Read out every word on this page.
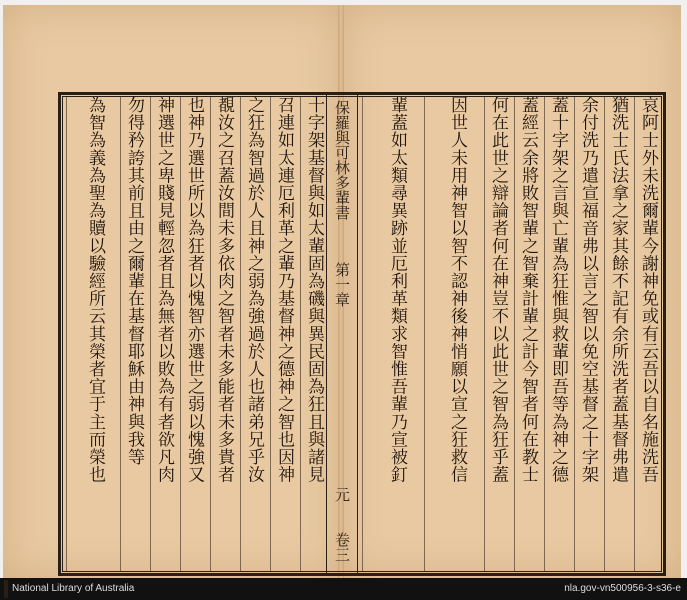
十字架基督與如太輩固為磯與異民固為狂且與諸見
召連如太連厄利革之輩乃基督神之德神之智也因神
之狂為智過於人且神之弱為強過於人也諸弟兄乎汝
覩汝之召蓋汝間未多依肉之智者未多能者未多貴者
也神乃選世所以為狂者以愧智亦選世之弱以愧強又
神選世之卑賤見輕忽者且為無者以敗為有者欲凡肉
勿得矜誇其前且由之爾輩在基督耶穌由神與我等
為智為義為聖為贖以驗經所云其榮者宜于主而榮也	保羅與可林多輩書
第一章
元
卷三
哀阿士外未洗爾輩今謝神免或有云吾以自名施洗吾
猶洗士氏法拿之家其餘不記有余所洗者蓋基督弗遣
余付洗乃遣宣福音弗以言之智以免空基督之十字架
蓋十字架之言與亡輩為狂惟與救輩即吾等為神之德
蓋經云余將敗智輩之智棄計輩之計今智者何在教士
何在此世之辯論者何在神豈不以此世之智為狂乎蓋
因世人未用神智以智不認神後神悄願以宣之狂救信
輩蓋如太類尋異跡並厄利革類求智惟吾輩乃宣被釘
National Library of Australia	nla.gov-vn500956-3-s36-e
